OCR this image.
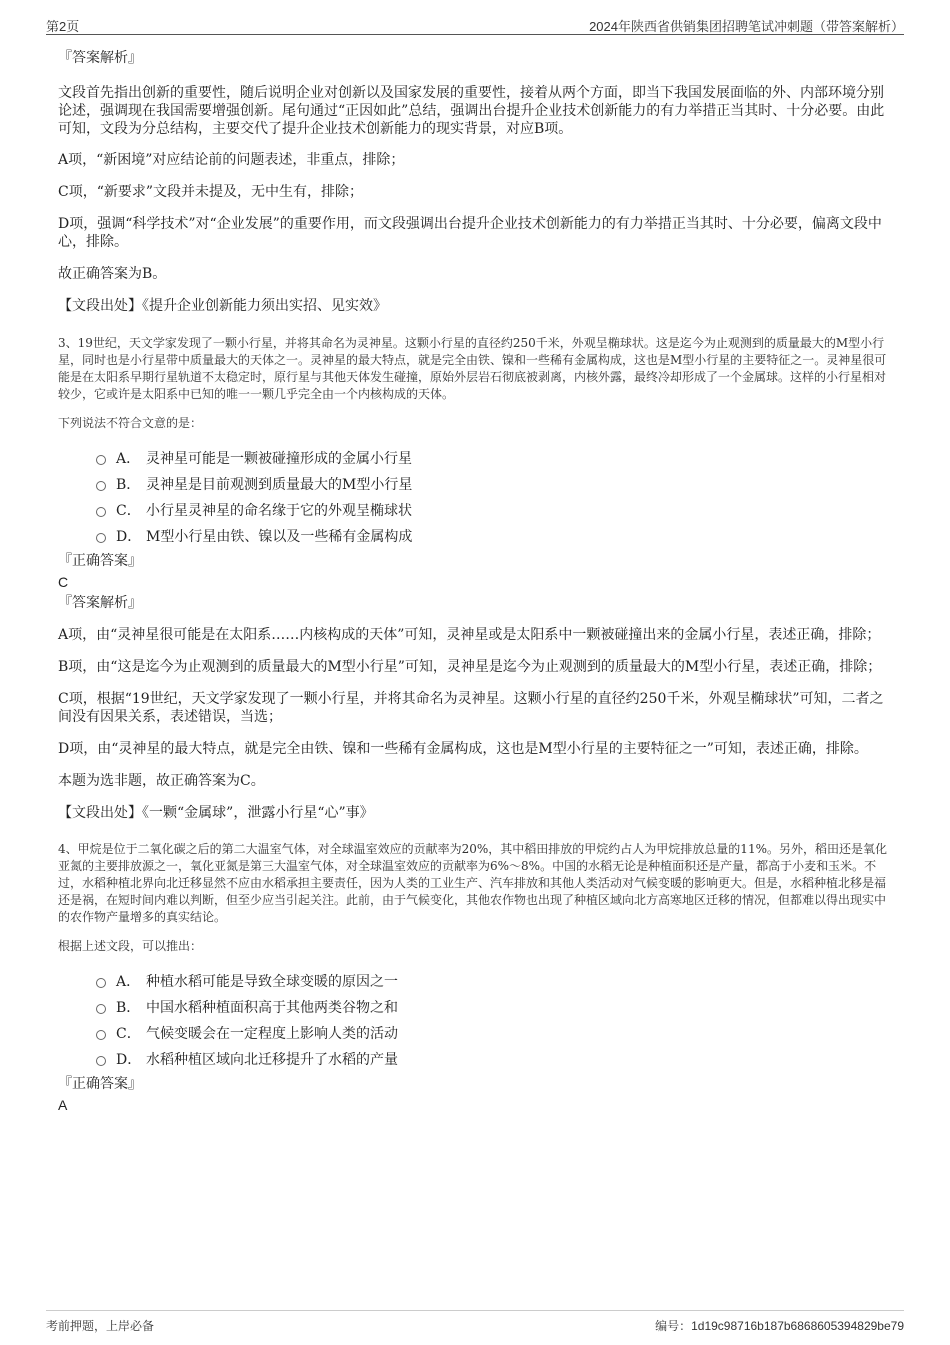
第2页	2024年陕西省供销集团招聘笔试冲刺题（带答案解析）

『答案解析』

文段首先指出创新的重要性，随后说明企业对创新以及国家发展的重要性，接着从两个方面，即当下我国发展面临的外、内部环境分别论述，强调现在我国需要增强创新。尾句通过“正因如此”总结，强调出台提升企业技术创新能力的有力举措正当其时、十分必要。由此可知，文段为分总结构，主要交代了提升企业技术创新能力的现实背景，对应B项。

A项，“新困境”对应结论前的问题表述，非重点，排除；

C项，“新要求”文段并未提及，无中生有，排除；

D项，强调“科学技术”对“企业发展”的重要作用，而文段强调出台提升企业技术创新能力的有力举措正当其时、十分必要，偏离文段中心，排除。

故正确答案为B。

【文段出处】《提升企业创新能力须出实招、见实效》

3、19世纪，天文学家发现了一颗小行星，并将其命名为灵神星。这颗小行星的直径约250千米，外观呈椭球状。这是迄今为止观测到的质量最大的M型小行星，同时也是小行星带中质量最大的天体之一。灵神星的最大特点，就是完全由铁、镍和一些稀有金属构成，这也是M型小行星的主要特征之一。灵神星很可能是在太阳系早期行星轨道不太稳定时，原行星与其他天体发生碰撞，原始外层岩石彻底被剥离，内核外露，最终冷却形成了一个金属球。这样的小行星相对较少，它或许是太阳系中已知的唯一一颗几乎完全由一个内核构成的天体。

下列说法不符合文意的是：

A． 灵神星可能是一颗被碰撞形成的金属小行星
B． 灵神星是目前观测到质量最大的M型小行星
C． 小行星灵神星的命名缘于它的外观呈椭球状
D． M型小行星由铁、镍以及一些稀有金属构成

『正确答案』

C

『答案解析』

A项，由“灵神星很可能是在太阳系……内核构成的天体”可知，灵神星或是太阳系中一颗被碰撞出来的金属小行星，表述正确，排除；

B项，由“这是迄今为止观测到的质量最大的M型小行星”可知，灵神星是迄今为止观测到的质量最大的M型小行星，表述正确，排除；

C项，根据“19世纪，天文学家发现了一颗小行星，并将其命名为灵神星。这颗小行星的直径约250千米，外观呈椭球状”可知，二者之间没有因果关系，表述错误，当选；

D项，由“灵神星的最大特点，就是完全由铁、镍和一些稀有金属构成，这也是M型小行星的主要特征之一”可知，表述正确，排除。

本题为选非题，故正确答案为C。

【文段出处】《一颗“金属球”，泄露小行星“心”事》

4、甲烷是位于二氧化碳之后的第二大温室气体，对全球温室效应的贡献率为20%，其中稻田排放的甲烷约占人为甲烷排放总量的11%。另外，稻田还是氧化亚氮的主要排放源之一，氧化亚氮是第三大温室气体，对全球温室效应的贡献率为6%～8%。中国的水稻无论是种植面积还是产量，都高于小麦和玉米。不过，水稻种植北界向北迁移显然不应由水稻承担主要责任，因为人类的工业生产、汽车排放和其他人类活动对气候变暖的影响更大。但是，水稻种植北移是福还是祸，在短时间内难以判断，但至少应当引起关注。此前，由于气候变化，其他农作物也出现了种植区域向北方高寒地区迁移的情况，但都难以得出现实中的农作物产量增多的真实结论。

根据上述文段，可以推出：

A． 种植水稻可能是导致全球变暖的原因之一
B． 中国水稻种植面积高于其他两类谷物之和
C． 气候变暖会在一定程度上影响人类的活动
D． 水稻种植区域向北迁移提升了水稻的产量

『正确答案』

A

考前押题，上岸必备	编号：1d19c98716b187b6868605394829be79
